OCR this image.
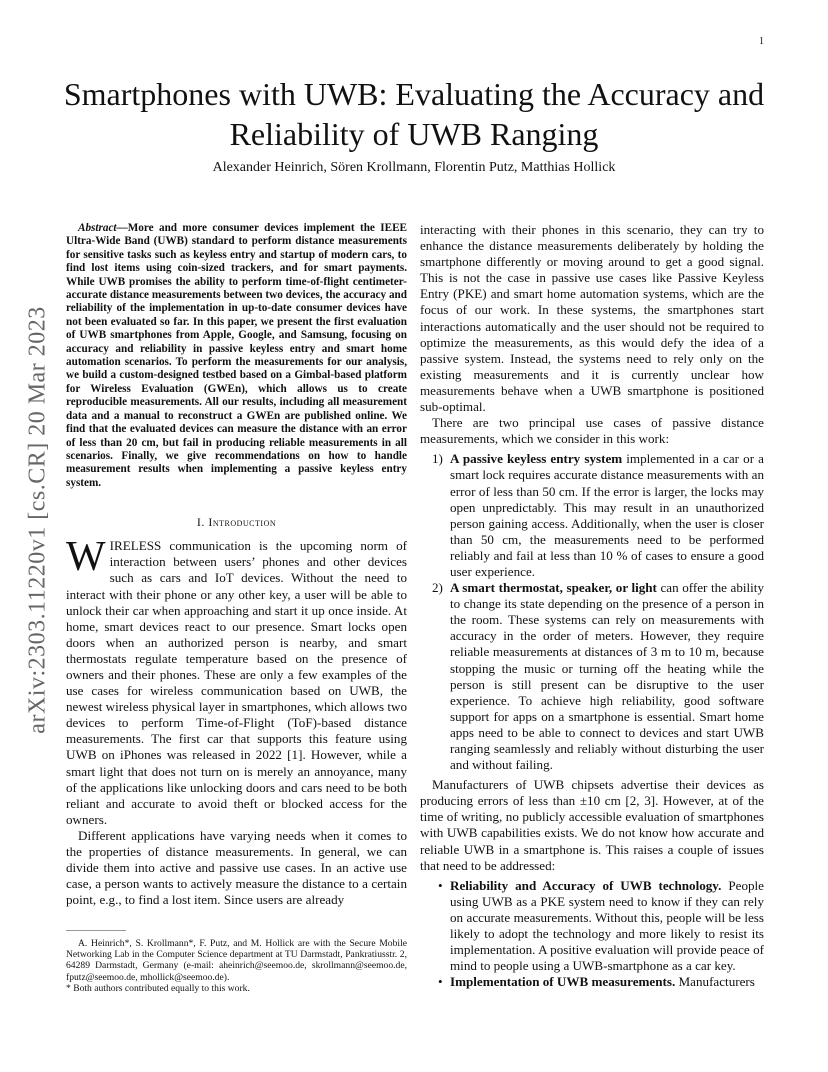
1
arXiv:2303.11220v1 [cs.CR] 20 Mar 2023
Smartphones with UWB: Evaluating the Accuracy and Reliability of UWB Ranging
Alexander Heinrich, Sören Krollmann, Florentin Putz, Matthias Hollick

Abstract—More and more consumer devices implement the IEEE Ultra-Wide Band (UWB) standard to perform distance measurements for sensitive tasks such as keyless entry and startup of modern cars, to find lost items using coin-sized trackers, and for smart payments. While UWB promises the ability to perform time-of-flight centimeter-accurate distance measurements between two devices, the accuracy and reliability of the implementation in up-to-date consumer devices have not been evaluated so far. In this paper, we present the first evaluation of UWB smartphones from Apple, Google, and Samsung, focusing on accuracy and reliability in passive keyless entry and smart home automation scenarios. To perform the measurements for our analysis, we build a custom-designed testbed based on a Gimbal-based platform for Wireless Evaluation (GWEn), which allows us to create reproducible measurements. All our results, including all measurement data and a manual to reconstruct a GWEn are published online. We find that the evaluated devices can measure the distance with an error of less than 20 cm, but fail in producing reliable measurements in all scenarios. Finally, we give recommendations on how to handle measurement results when implementing a passive keyless entry system.

I. Introduction

WIRELESS communication is the upcoming norm of interaction between users’ phones and other devices such as cars and IoT devices. Without the need to interact with their phone or any other key, a user will be able to unlock their car when approaching and start it up once inside. At home, smart devices react to our presence. Smart locks open doors when an authorized person is nearby, and smart thermostats regulate temperature based on the presence of owners and their phones. These are only a few examples of the use cases for wireless communication based on UWB, the newest wireless physical layer in smartphones, which allows two devices to perform Time-of-Flight (ToF)-based distance measurements. The first car that supports this feature using UWB on iPhones was released in 2022 [1]. However, while a smart light that does not turn on is merely an annoyance, many of the applications like unlocking doors and cars need to be both reliant and accurate to avoid theft or blocked access for the owners.

Different applications have varying needs when it comes to the properties of distance measurements. In general, we can divide them into active and passive use cases. In an active use case, a person wants to actively measure the distance to a certain point, e.g., to find a lost item. Since users are already

A. Heinrich*, S. Krollmann*, F. Putz, and M. Hollick are with the Secure Mobile Networking Lab in the Computer Science department at TU Darmstadt, Pankratiusstr. 2, 64289 Darmstadt, Germany (e-mail: aheinrich@seemoo.de, skrollmann@seemoo.de, fputz@seemoo.de, mhollick@seemoo.de).

* Both authors contributed equally to this work.

interacting with their phones in this scenario, they can try to enhance the distance measurements deliberately by holding the smartphone differently or moving around to get a good signal. This is not the case in passive use cases like Passive Keyless Entry (PKE) and smart home automation systems, which are the focus of our work. In these systems, the smartphones start interactions automatically and the user should not be required to optimize the measurements, as this would defy the idea of a passive system. Instead, the systems need to rely only on the existing measurements and it is currently unclear how measurements behave when a UWB smartphone is positioned sub-optimal.

There are two principal use cases of passive distance measurements, which we consider in this work:

1) A passive keyless entry system implemented in a car or a smart lock requires accurate distance measurements with an error of less than 50 cm. If the error is larger, the locks may open unpredictably. This may result in an unauthorized person gaining access. Additionally, when the user is closer than 50 cm, the measurements need to be performed reliably and fail at less than 10 % of cases to ensure a good user experience.
2) A smart thermostat, speaker, or light can offer the ability to change its state depending on the presence of a person in the room. These systems can rely on measurements with accuracy in the order of meters. However, they require reliable measurements at distances of 3 m to 10 m, because stopping the music or turning off the heating while the person is still present can be disruptive to the user experience. To achieve high reliability, good software support for apps on a smartphone is essential. Smart home apps need to be able to connect to devices and start UWB ranging seamlessly and reliably without disturbing the user and without failing.

Manufacturers of UWB chipsets advertise their devices as producing errors of less than ±10 cm [2, 3]. However, at of the time of writing, no publicly accessible evaluation of smartphones with UWB capabilities exists. We do not know how accurate and reliable UWB in a smartphone is. This raises a couple of issues that need to be addressed:

• Reliability and Accuracy of UWB technology. People using UWB as a PKE system need to know if they can rely on accurate measurements. Without this, people will be less likely to adopt the technology and more likely to resist its implementation. A positive evaluation will provide peace of mind to people using a UWB-smartphone as a car key.
• Implementation of UWB measurements. Manufacturers
